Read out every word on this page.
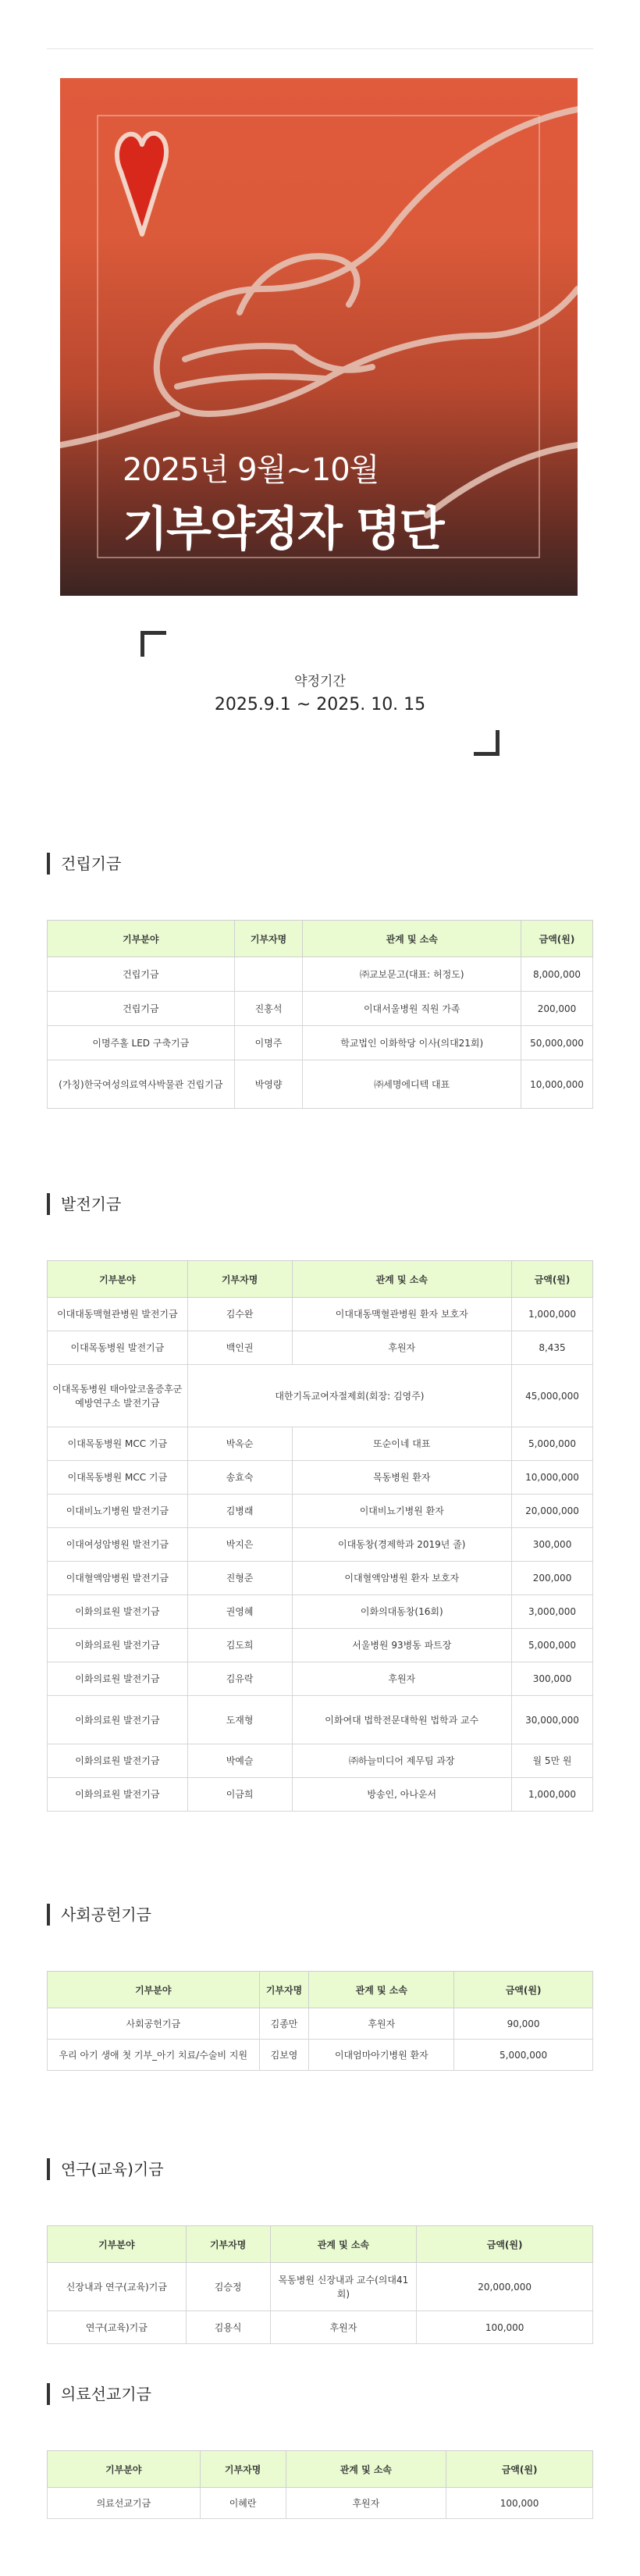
2025년 9월~10월
기부약정자 명단
약정기간
2025.9.1 ~ 2025. 10. 15
건립기금
기부분야	기부자명	관계 및 소속	금액(원)
건립기금		㈜교보문고(대표: 허정도)	8,000,000
건립기금	진홍석	이대서울병원 직원 가족	200,000
이명주홀 LED 구축기금	이명주	학교법인 이화학당 이사(의대21회)	50,000,000
(가칭)한국여성의료역사박물관 건립기금	박영량	㈜세명에디텍 대표	10,000,000
발전기금
기부분야	기부자명	관계 및 소속	금액(원)
이대대동맥혈관병원 발전기금	김수완	이대대동맥혈관병원 환자 보호자	1,000,000
이대목동병원 발전기금	백인권	후원자	8,435
이대목동병원 태아알코올증후군
예방연구소 발전기금	대한기독교여자절제회(회장: 김영주)		45,000,000
이대목동병원 MCC 기금	박옥순	또순이네 대표	5,000,000
이대목동병원 MCC 기금	송효숙	목동병원 환자	10,000,000
이대비뇨기병원 발전기금	김병래	이대비뇨기병원 환자	20,000,000
이대여성암병원 발전기금	박지은	이대동창(경제학과 2019년 졸)	300,000
이대혈액암병원 발전기금	진형준	이대혈액암병원 환자 보호자	200,000
이화의료원 발전기금	권영혜	이화의대동창(16회)	3,000,000
이화의료원 발전기금	김도희	서울병원 93병동 파트장	5,000,000
이화의료원 발전기금	김유락	후원자	300,000
이화의료원 발전기금	도재형	이화여대 법학전문대학원 법학과 교수	30,000,000
이화의료원 발전기금	박예슬	㈜하늘미디어 제무팀 과장	월 5만 원
이화의료원 발전기금	이금희	방송인, 아나운서	1,000,000
사회공헌기금
기부분야	기부자명	관계 및 소속	금액(원)
사회공헌기금	김종만	후원자	90,000
우리 아기 생애 첫 기부_아기 치료/수술비 지원	김보영	이대엄마아기병원 환자	5,000,000
연구(교육)기금
기부분야	기부자명	관계 및 소속	금액(원)
신장내과 연구(교육)기금	김승정	목동병원 신장내과 교수(의대41회)	20,000,000
연구(교육)기금	김용식	후원자	100,000
의료선교기금
기부분야	기부자명	관계 및 소속	금액(원)
의료선교기금	이혜란	후원자	100,000
